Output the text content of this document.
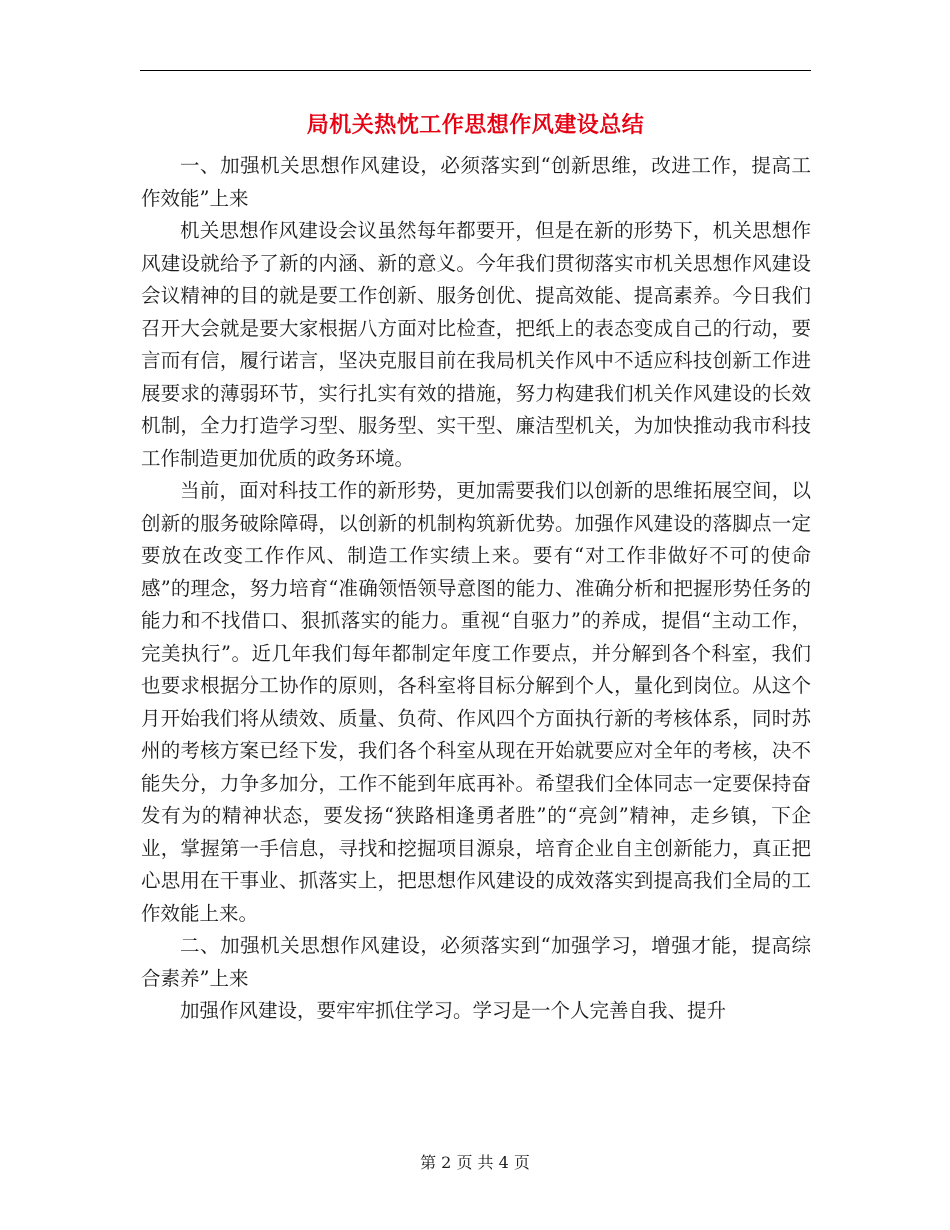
局机关热忱工作思想作风建设总结

一、加强机关思想作风建设，必须落实到“创新思维，改进工作，提高工作效能”上来

机关思想作风建设会议虽然每年都要开，但是在新的形势下，机关思想作风建设就给予了新的内涵、新的意义。今年我们贯彻落实市机关思想作风建设会议精神的目的就是要工作创新、服务创优、提高效能、提高素养。今日我们召开大会就是要大家根据八方面对比检查，把纸上的表态变成自己的行动，要言而有信，履行诺言，坚决克服目前在我局机关作风中不适应科技创新工作进展要求的薄弱环节，实行扎实有效的措施，努力构建我们机关作风建设的长效机制，全力打造学习型、服务型、实干型、廉洁型机关，为加快推动我市科技工作制造更加优质的政务环境。

当前，面对科技工作的新形势，更加需要我们以创新的思维拓展空间，以创新的服务破除障碍，以创新的机制构筑新优势。加强作风建设的落脚点一定要放在改变工作作风、制造工作实绩上来。要有“对工作非做好不可的使命感”的理念，努力培育“准确领悟领导意图的能力、准确分析和把握形势任务的能力和不找借口、狠抓落实的能力。重视“自驱力”的养成，提倡“主动工作，完美执行”。近几年我们每年都制定年度工作要点，并分解到各个科室，我们也要求根据分工协作的原则，各科室将目标分解到个人，量化到岗位。从这个月开始我们将从绩效、质量、负荷、作风四个方面执行新的考核体系，同时苏州的考核方案已经下发，我们各个科室从现在开始就要应对全年的考核，决不能失分，力争多加分，工作不能到年底再补。希望我们全体同志一定要保持奋发有为的精神状态，要发扬“狭路相逢勇者胜”的“亮剑”精神，走乡镇，下企业，掌握第一手信息，寻找和挖掘项目源泉，培育企业自主创新能力，真正把心思用在干事业、抓落实上，把思想作风建设的成效落实到提高我们全局的工作效能上来。

二、加强机关思想作风建设，必须落实到“加强学习，增强才能，提高综合素养”上来

加强作风建设，要牢牢抓住学习。学习是一个人完善自我、提升

第 2 页 共 4 页
